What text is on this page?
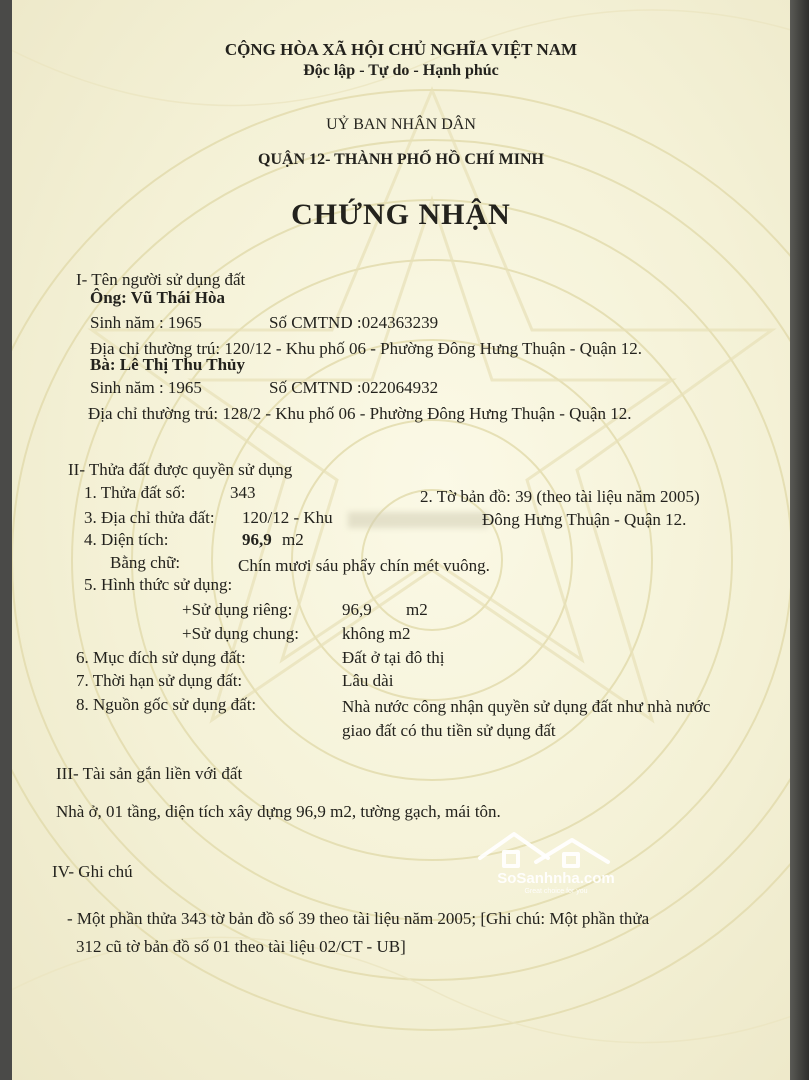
CỘNG HÒA XÃ HỘI CHỦ NGHĨA VIỆT NAM
Độc lập - Tự do - Hạnh phúc
UỶ BAN NHÂN DÂN
QUẬN 12- THÀNH PHỐ HỒ CHÍ MINH
CHỨNG NHẬN
I- Tên người sử dụng đất
Ông: Vũ Thái Hòa
Sinh năm : 1965	Số CMTND :024363239
Địa chỉ thường trú: 120/12 - Khu phố 06 - Phường Đông Hưng Thuận - Quận 12.
Bà: Lê Thị Thu Thủy
Sinh năm : 1965	Số CMTND :022064932
Địa chỉ thường trú: 128/2 - Khu phố 06 - Phường Đông Hưng Thuận - Quận 12.
II- Thửa đất được quyền sử dụng
1. Thửa đất số:	343	2. Tờ bản đồ: 39 (theo tài liệu năm 2005)
3. Địa chỉ thửa đất: 120/12 - Khu	Đông Hưng Thuận - Quận 12.
4. Diện tích:	96,9 m2
Bằng chữ:	Chín mươi sáu phẩy chín mét vuông.
5. Hình thức sử dụng:
+Sử dụng riêng:	96,9 m2
+Sử dụng chung:	không m2
6. Mục đích sử dụng đất:	Đất ở tại đô thị
7. Thời hạn sử dụng đất:	Lâu dài
8. Nguồn gốc sử dụng đất:	Nhà nước công nhận quyền sử dụng đất như nhà nước
giao đất có thu tiền sử dụng đất
III- Tài sản gắn liền với đất
Nhà ở, 01 tầng, diện tích xây dựng 96,9 m2, tường gạch, mái tôn.
IV- Ghi chú
- Một phần thửa 343 tờ bản đồ số 39 theo tài liệu năm 2005; [Ghi chú: Một phần thửa
312 cũ tờ bản đồ số 01 theo tài liệu 02/CT - UB]
SoSanhnha.com
Great choice for you
